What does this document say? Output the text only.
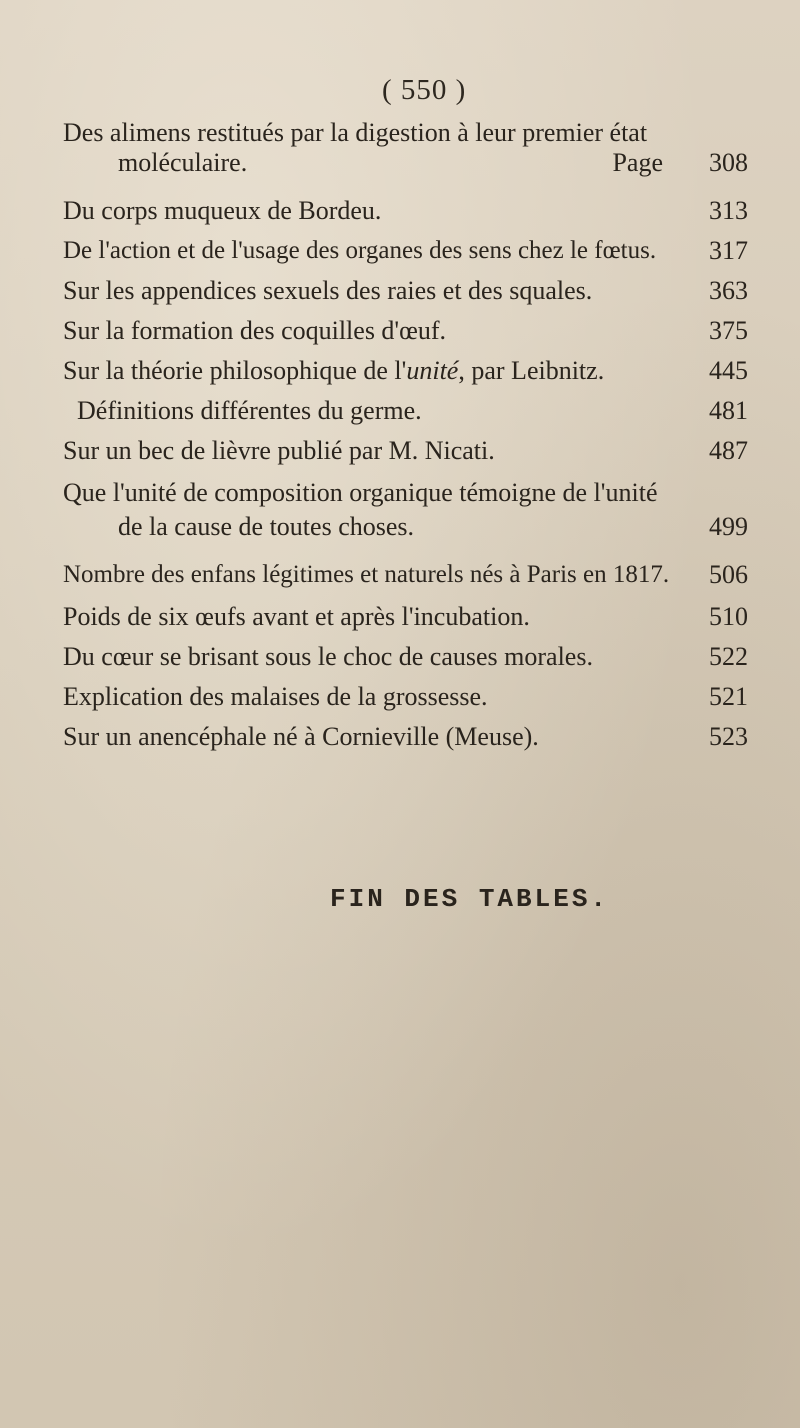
( 550 )
Des alimens restitués par la digestion à leur premier état
moléculaire.	Page 308
Du corps muqueux de Bordeu.	313
De l'action et de l'usage des organes des sens chez le fœtus.	317
Sur les appendices sexuels des raies et des squales.	363
Sur la formation des coquilles d'œuf.	375
Sur la théorie philosophique de l'unité, par Leibnitz.	445
Définitions différentes du germe.	481
Sur un bec de lièvre publié par M. Nicati.	487
Que l'unité de composition organique témoigne de l'unité
de la cause de toutes choses.	499
Nombre des enfans légitimes et naturels nés à Paris en 1817.	506
Poids de six œufs avant et après l'incubation.	510
Du cœur se brisant sous le choc de causes morales.	522
Explication des malaises de la grossesse.	521
Sur un anencéphale né à Cornieville (Meuse).	523
FIN DES TABLES.
